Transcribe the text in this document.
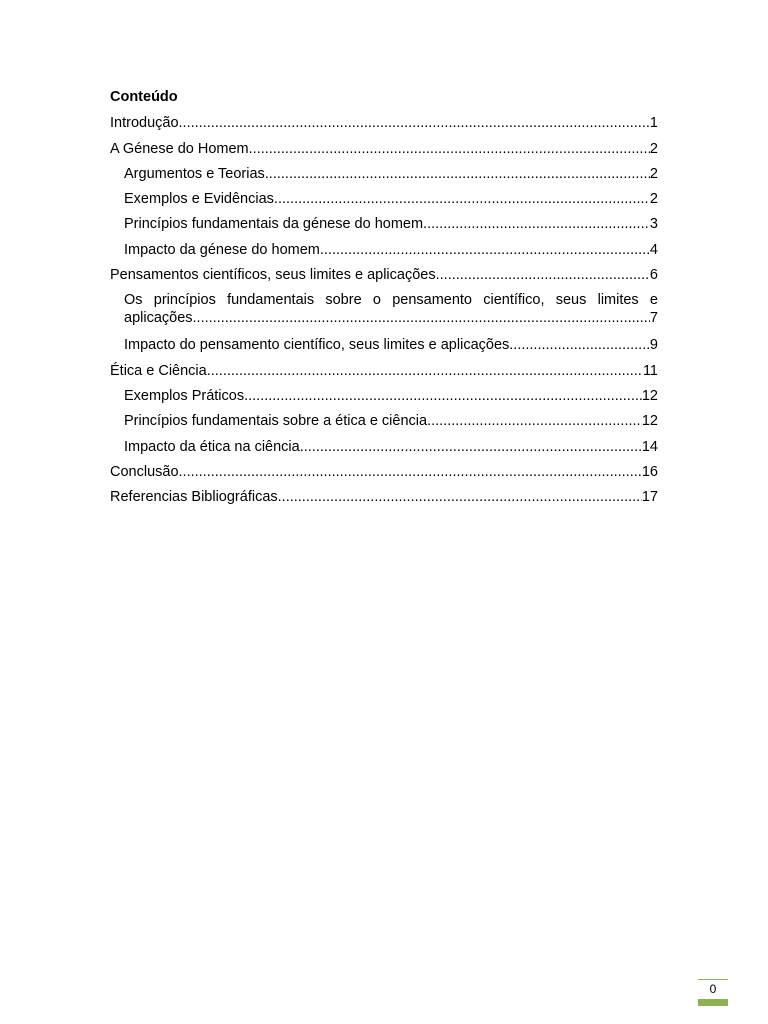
Conteúdo
Introdução .....	1
A Génese do Homem .....	2
Argumentos e Teorias .....	2
Exemplos e Evidências .....	2
Princípios fundamentais da génese do homem .....	3
Impacto da génese do homem .....	4
Pensamentos científicos, seus limites e aplicações .....	6
Os princípios fundamentais sobre o pensamento científico, seus limites e
aplicações .....	7
Impacto do pensamento científico, seus limites e aplicações .....	9
Ética e Ciência .....	11
Exemplos Práticos .....	12
Princípios fundamentais sobre a ética e ciência .....	12
Impacto da ética na ciência .....	14
Conclusão .....	16
Referencias Bibliográficas .....	17
0
